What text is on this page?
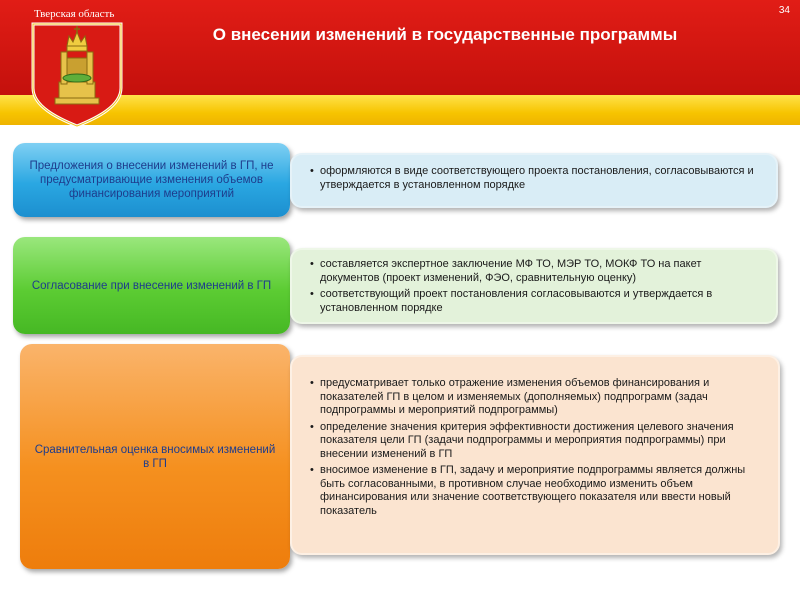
Тверская область	34
О внесении изменений в государственные программы
Предложения о внесении изменений в ГП, не предусматривающие изменения объемов финансирования мероприятий
• оформляются в виде соответствующего проекта постановления, согласовываются и утверждается в установленном порядке
Согласование при внесение изменений в ГП
• составляется экспертное заключение МФ ТО, МЭР ТО, МОКФ ТО на пакет документов (проект изменений, ФЭО, сравнительную оценку)
• соответствующий проект постановления согласовываются и утверждается в установленном порядке
Сравнительная оценка вносимых изменений в ГП
• предусматривает только отражение изменения объемов финансирования и показателей ГП в целом и изменяемых (дополняемых) подпрограмм (задач подпрограммы и мероприятий подпрограммы)
• определение значения критерия эффективности достижения целевого значения показателя цели ГП (задачи подпрограммы и мероприятия подпрограммы) при внесении изменений в ГП
• вносимое изменение в ГП, задачу и мероприятие подпрограммы является должны быть согласованными, в противном случае необходимо изменить объем финансирования или значение соответствующего показателя или ввести новый показатель
